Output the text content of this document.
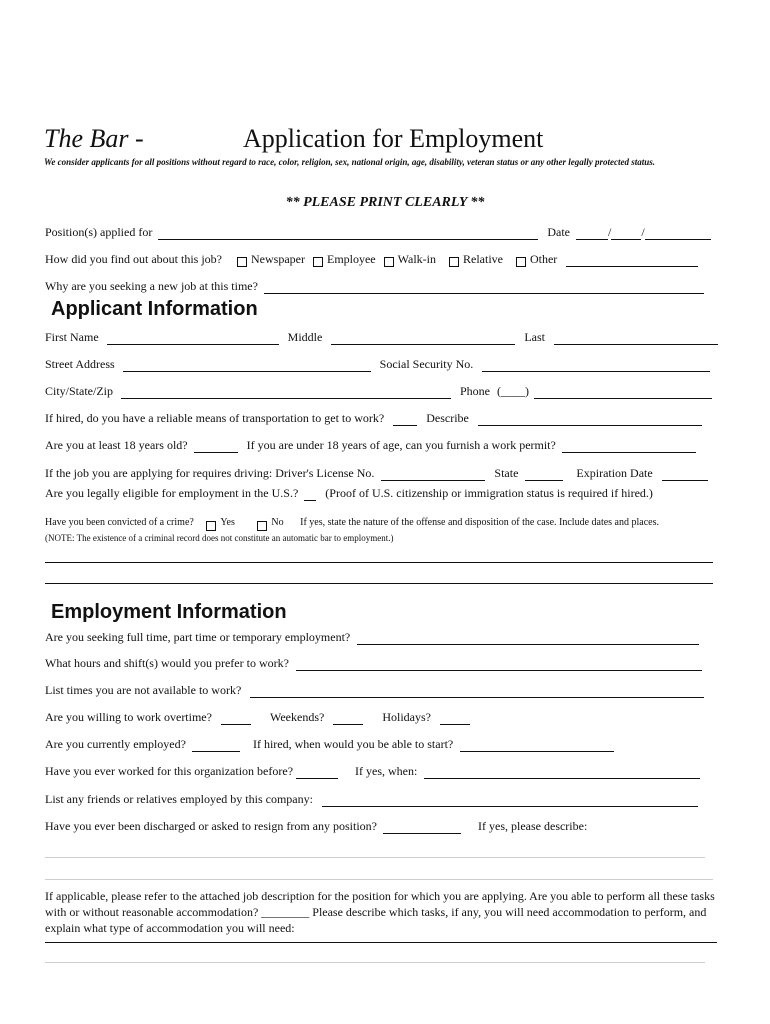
The Bar -	Application for Employment
We consider applicants for all positions without regard to race, color, religion, sex, national origin, age, disability, veteran status or any other legally protected status.
** PLEASE PRINT CLEARLY **
Position(s) applied for	Date	/	/
How did you find out about this job? Newspaper Employee Walk-in Relative Other
Why are you seeking a new job at this time?
Applicant Information
First Name	Middle	Last
Street Address	Social Security No.
City/State/Zip	Phone (____)
If hired, do you have a reliable means of transportation to get to work?	Describe
Are you at least 18 years old?	If you are under 18 years of age, can you furnish a work permit?
If the job you are applying for requires driving: Driver's License No.	State	Expiration Date
Are you legally eligible for employment in the U.S.? (Proof of U.S. citizenship or immigration status is required if hired.)
Have you been convicted of a crime?	Yes	No If yes, state the nature of the offense and disposition of the case. Include dates and places.
(NOTE: The existence of a criminal record does not constitute an automatic bar to employment.)
Employment Information
Are you seeking full time, part time or temporary employment?
What hours and shift(s) would you prefer to work?
List times you are not available to work?
Are you willing to work overtime?	Weekends?	Holidays?
Are you currently employed?	If hired, when would you be able to start?
Have you ever worked for this organization before?	If yes, when:
List any friends or relatives employed by this company:
Have you ever been discharged or asked to resign from any position?	If yes, please describe:
If applicable, please refer to the attached job description for the position for which you are applying. Are you able to perform all these tasks with or without reasonable accommodation? ________ Please describe which tasks, if any, you will need accommodation to perform, and explain what type of accommodation you will need:
